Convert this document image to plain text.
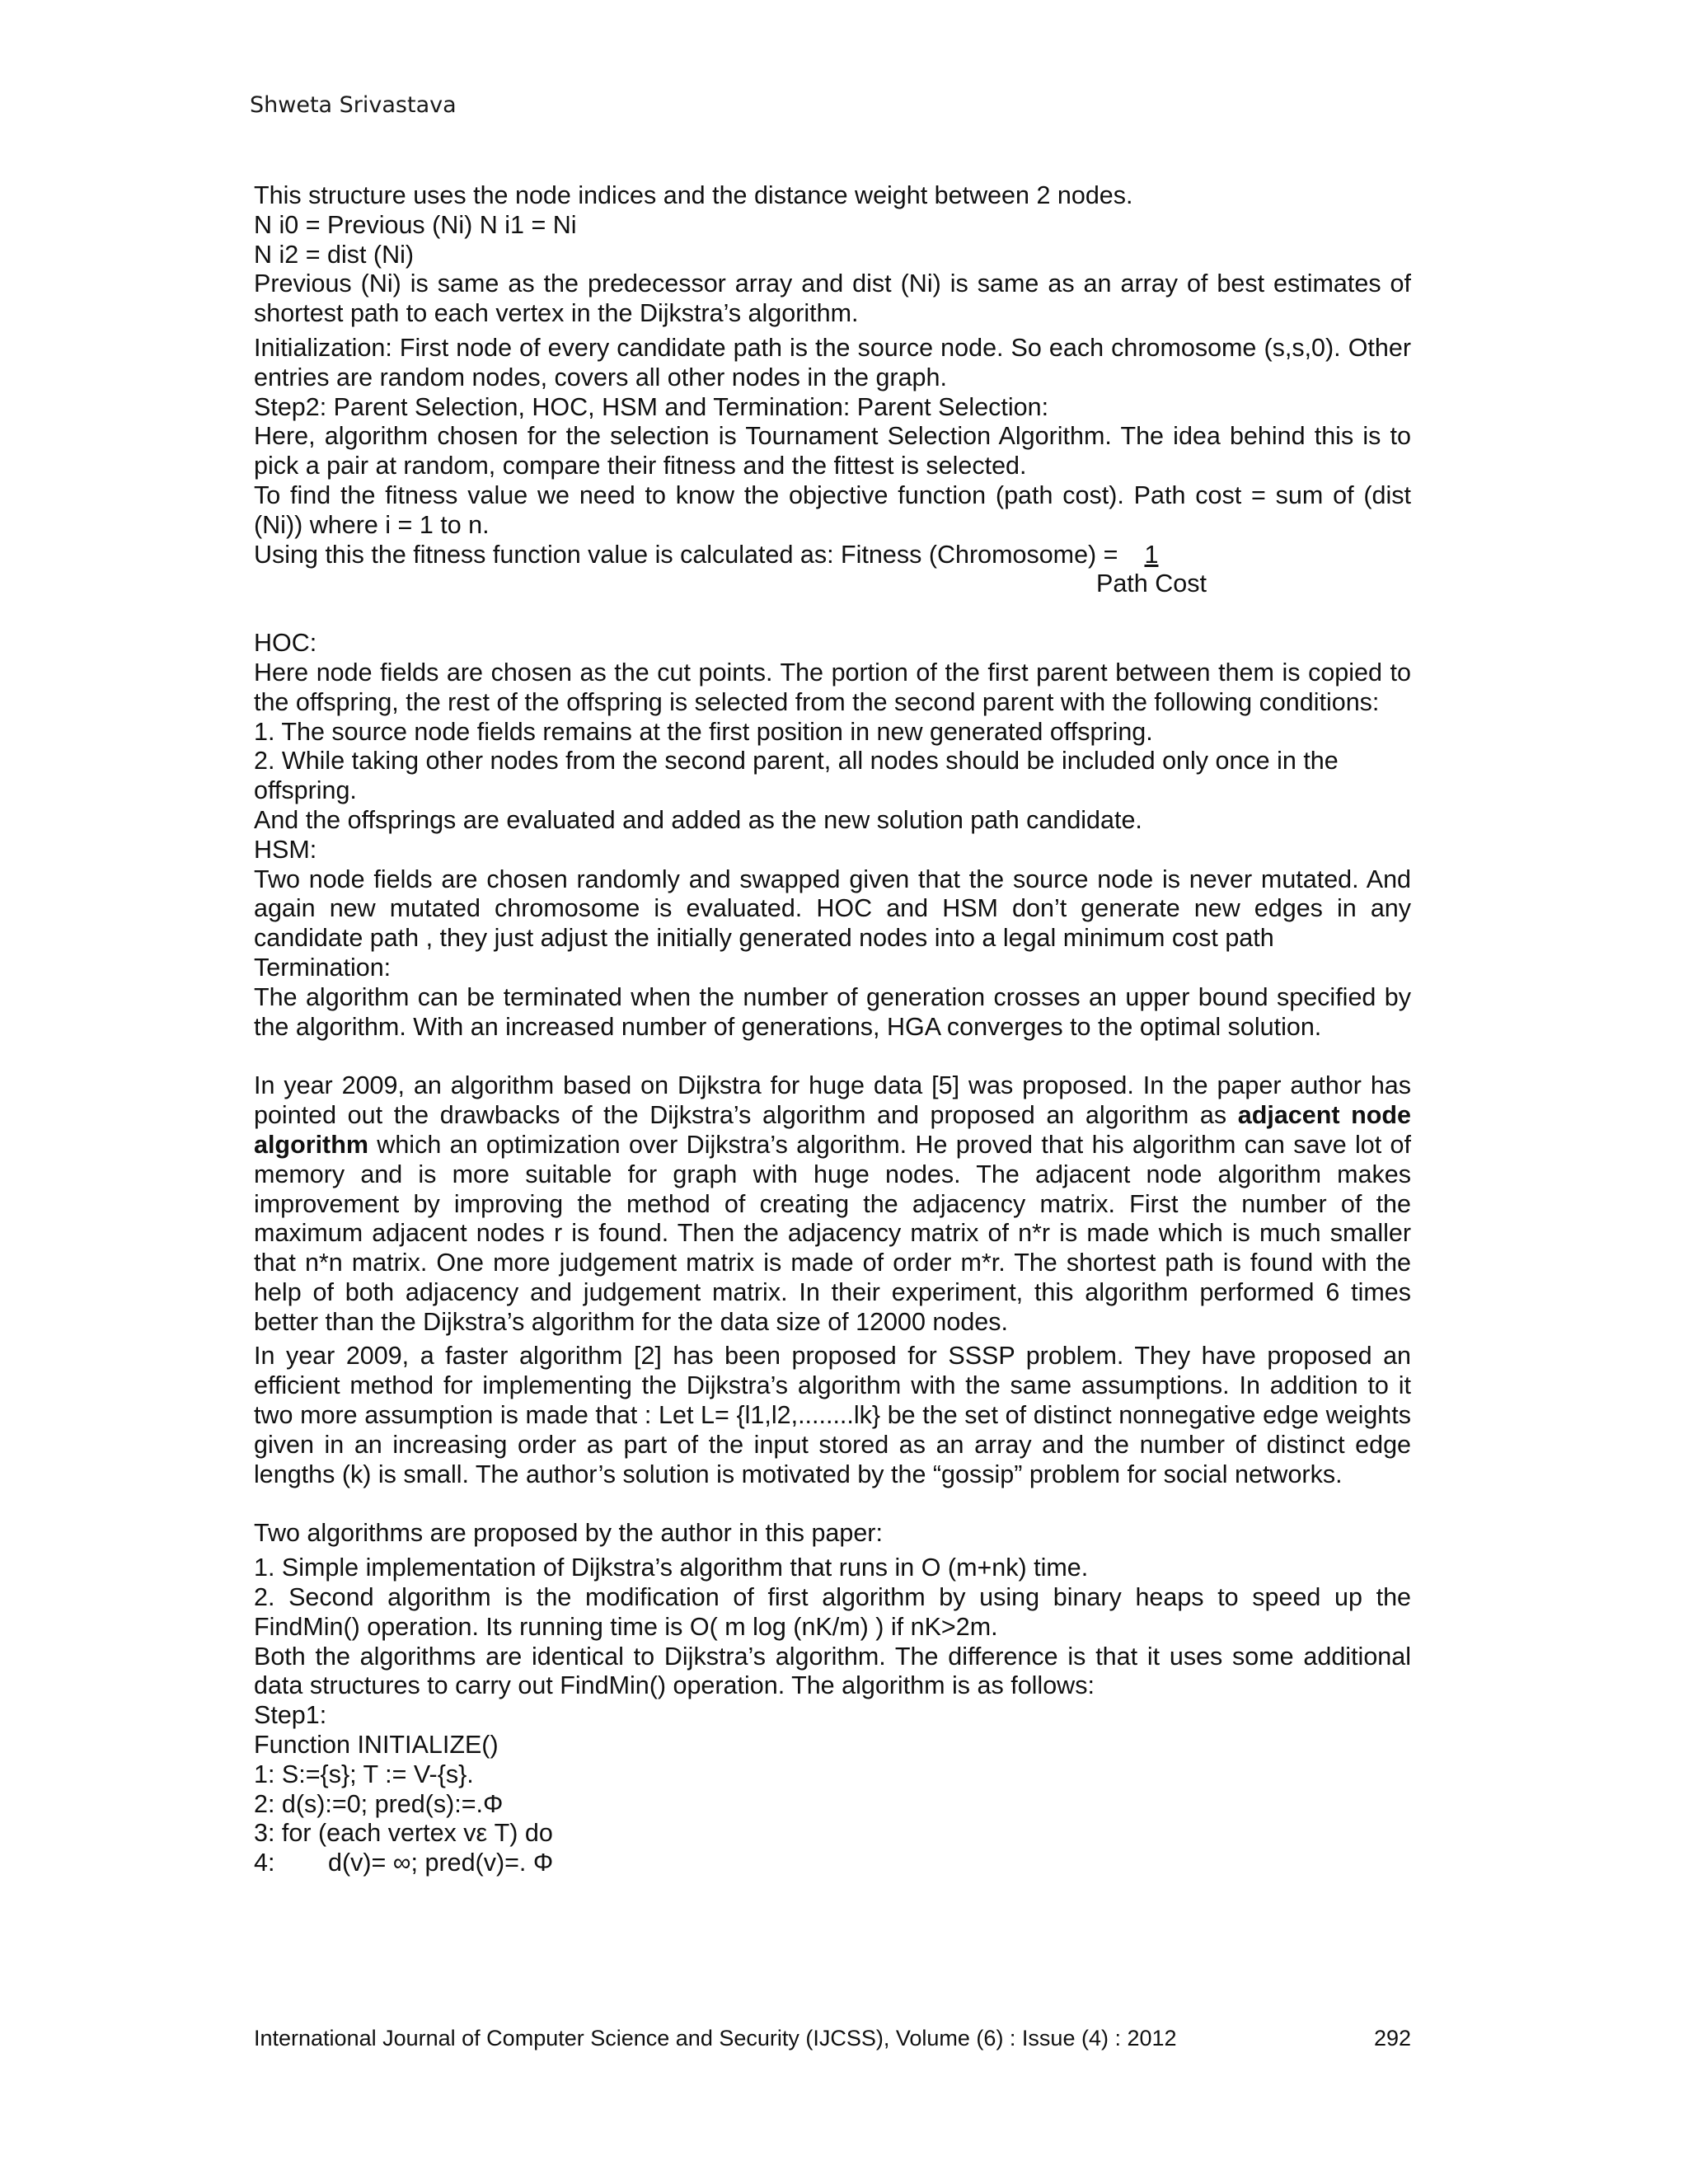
Shweta Srivastava

This structure uses the node indices and the distance weight between 2 nodes.

N i0 = Previous (Ni) N i1 = Ni

N i2 = dist (Ni)

Previous (Ni) is same as the predecessor array and dist (Ni) is same as an array of best estimates of shortest path to each vertex in the Dijkstra’s algorithm.

Initialization: First node of every candidate path is the source node. So each chromosome (s,s,0). Other entries are random nodes, covers all other nodes in the graph.

Step2: Parent Selection, HOC, HSM and Termination: Parent Selection:

Here, algorithm chosen for the selection is Tournament Selection Algorithm. The idea behind this is to pick a pair at random, compare their fitness and the fittest is selected.

To find the fitness value we need to know the objective function (path cost). Path cost = sum of (dist (Ni)) where i = 1 to n.

Using this the fitness function value is calculated as: Fitness (Chromosome) = 1

Path Cost

HOC:

Here node fields are chosen as the cut points. The portion of the first parent between them is copied to the offspring, the rest of the offspring is selected from the second parent with the following conditions:

1. The source node fields remains at the first position in new generated offspring.

2. While taking other nodes from the second parent, all nodes should be included only once in the offspring.

And the offsprings are evaluated and added as the new solution path candidate.

HSM:

Two node fields are chosen randomly and swapped given that the source node is never mutated. And again new mutated chromosome is evaluated. HOC and HSM don’t generate new edges in any candidate path , they just adjust the initially generated nodes into a legal minimum cost path

Termination:

The algorithm can be terminated when the number of generation crosses an upper bound specified by the algorithm. With an increased number of generations, HGA converges to the optimal solution.

In year 2009, an algorithm based on Dijkstra for huge data [5] was proposed. In the paper author has pointed out the drawbacks of the Dijkstra’s algorithm and proposed an algorithm as adjacent node algorithm which an optimization over Dijkstra’s algorithm. He proved that his algorithm can save lot of memory and is more suitable for graph with huge nodes. The adjacent node algorithm makes improvement by improving the method of creating the adjacency matrix. First the number of the maximum adjacent nodes r is found. Then the adjacency matrix of n*r is made which is much smaller that n*n matrix. One more judgement matrix is made of order m*r. The shortest path is found with the help of both adjacency and judgement matrix. In their experiment, this algorithm performed 6 times better than the Dijkstra’s algorithm for the data size of 12000 nodes.

In year 2009, a faster algorithm [2] has been proposed for SSSP problem. They have proposed an efficient method for implementing the Dijkstra’s algorithm with the same assumptions. In addition to it two more assumption is made that : Let L= {l1,l2,........lk} be the set of distinct nonnegative edge weights given in an increasing order as part of the input stored as an array and the number of distinct edge lengths (k) is small. The author’s solution is motivated by the “gossip” problem for social networks.

Two algorithms are proposed by the author in this paper:

1. Simple implementation of Dijkstra’s algorithm that runs in O (m+nk) time.

2. Second algorithm is the modification of first algorithm by using binary heaps to speed up the FindMin() operation. Its running time is O( m log (nK/m) ) if nK>2m.

Both the algorithms are identical to Dijkstra’s algorithm. The difference is that it uses some additional data structures to carry out FindMin() operation. The algorithm is as follows:

Step1:

Function INITIALIZE()

1: S:={s}; T := V-{s}.

2: d(s):=0; pred(s):=.Φ

3: for (each vertex vε T) do

4: d(v)= ∞; pred(v)=. Φ

International Journal of Computer Science and Security (IJCSS), Volume (6) : Issue (4) : 2012	292
